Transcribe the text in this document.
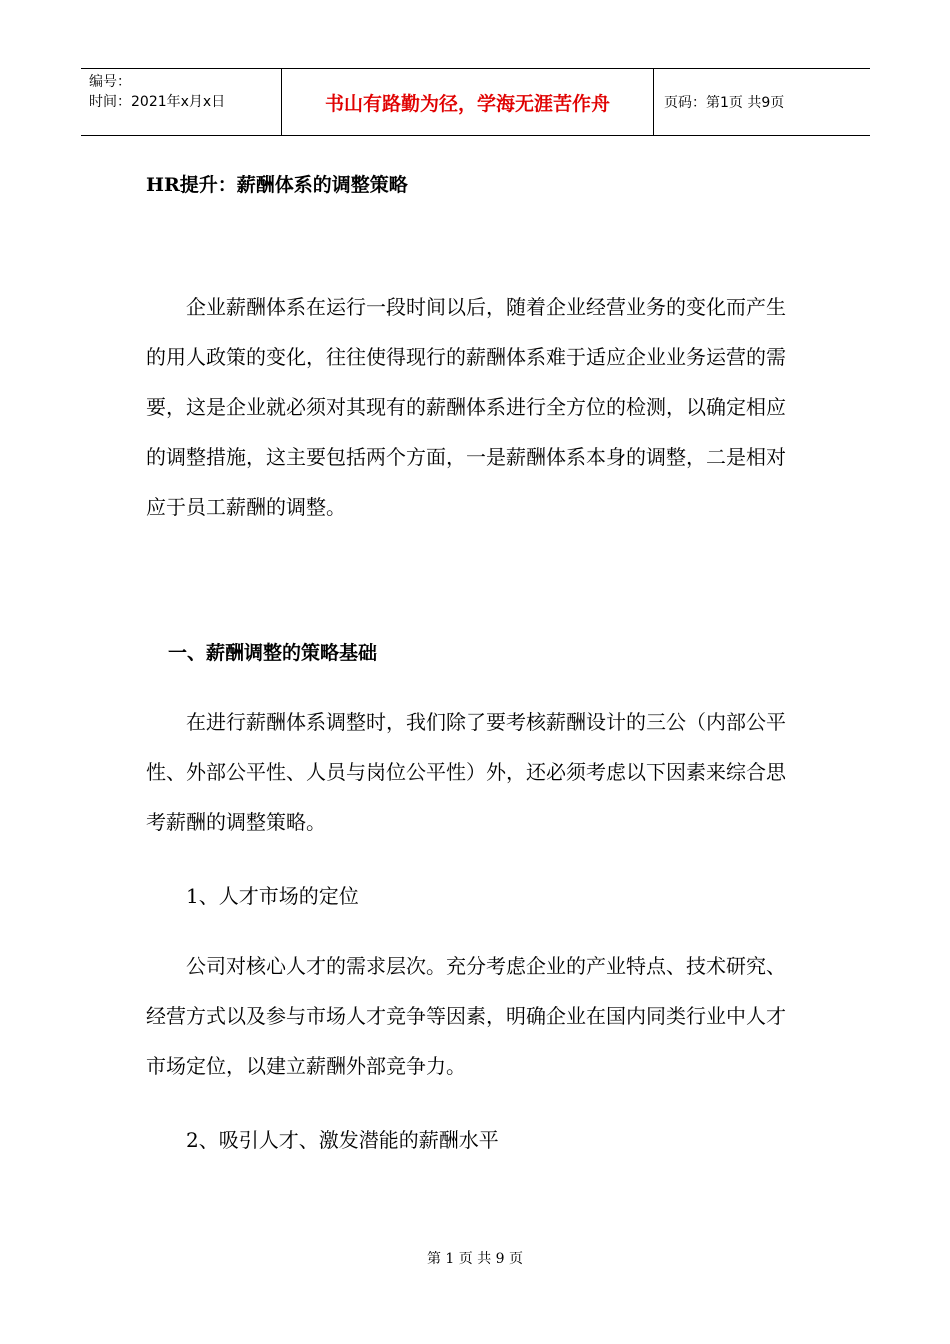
编号：
时间：2021年x月x日	书山有路勤为径，学海无涯苦作舟	页码：第1页 共9页
HR提升：薪酬体系的调整策略

企业薪酬体系在运行一段时间以后，随着企业经营业务的变化而产生的用人政策的变化，往往使得现行的薪酬体系难于适应企业业务运营的需要，这是企业就必须对其现有的薪酬体系进行全方位的检测，以确定相应的调整措施，这主要包括两个方面，一是薪酬体系本身的调整，二是相对应于员工薪酬的调整。

一、薪酬调整的策略基础

在进行薪酬体系调整时，我们除了要考核薪酬设计的三公（内部公平性、外部公平性、人员与岗位公平性）外，还必须考虑以下因素来综合思考薪酬的调整策略。

1、人才市场的定位

公司对核心人才的需求层次。充分考虑企业的产业特点、技术研究、经营方式以及参与市场人才竞争等因素，明确企业在国内同类行业中人才市场定位，以建立薪酬外部竞争力。

2、吸引人才、激发潜能的薪酬水平
第 1 页 共 9 页
